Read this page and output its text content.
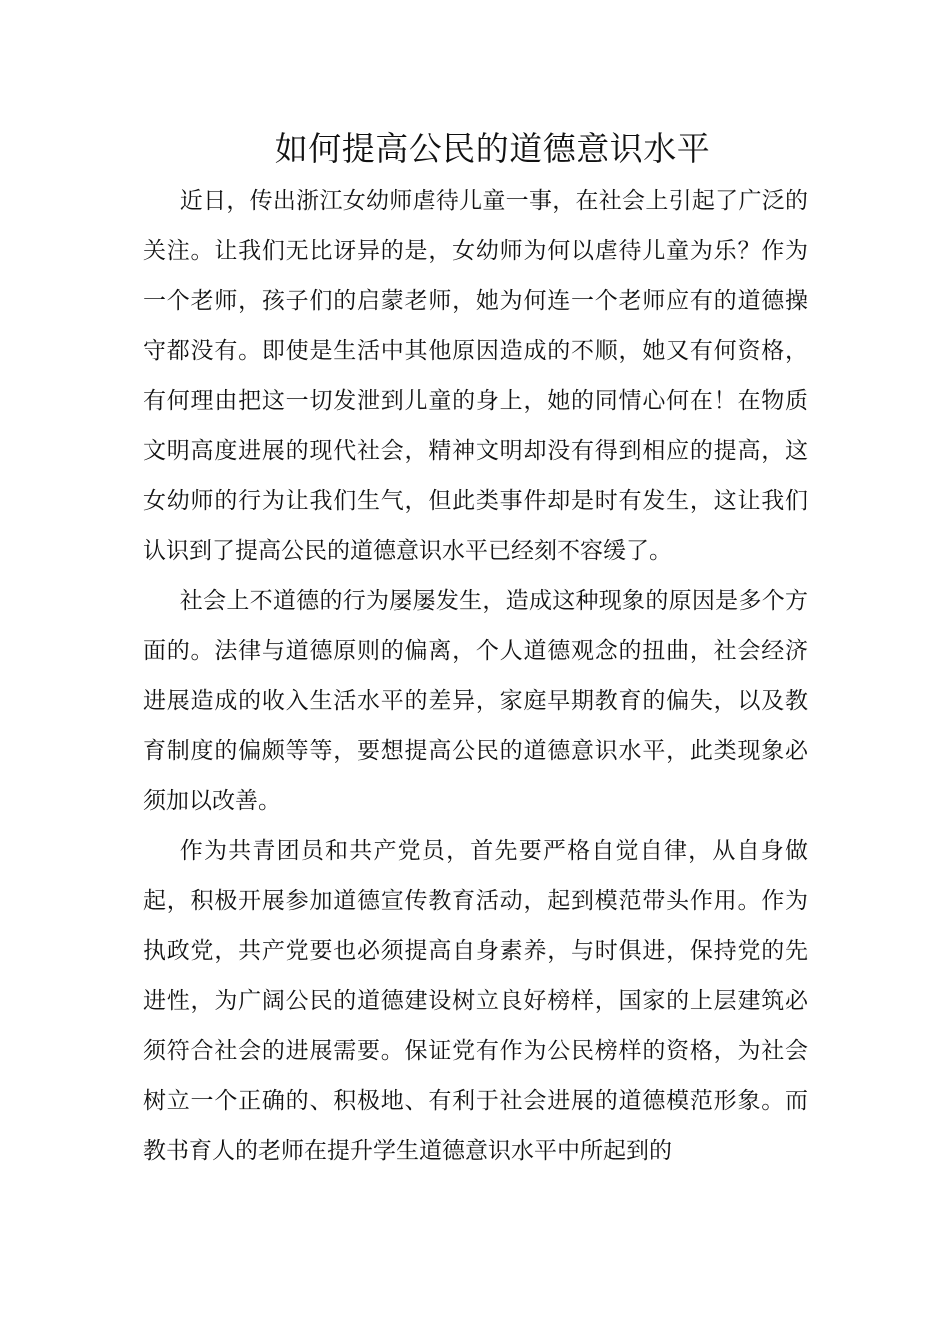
如何提高公民的道德意识水平

近日，传出浙江女幼师虐待儿童一事，在社会上引起了广泛的关注。让我们无比讶异的是，女幼师为何以虐待儿童为乐？作为一个老师，孩子们的启蒙老师，她为何连一个老师应有的道德操守都没有。即使是生活中其他原因造成的不顺，她又有何资格，有何理由把这一切发泄到儿童的身上，她的同情心何在！在物质文明高度进展的现代社会，精神文明却没有得到相应的提高，这女幼师的行为让我们生气，但此类事件却是时有发生，这让我们认识到了提高公民的道德意识水平已经刻不容缓了。

社会上不道德的行为屡屡发生，造成这种现象的原因是多个方面的。法律与道德原则的偏离，个人道德观念的扭曲，社会经济进展造成的收入生活水平的差异，家庭早期教育的偏失，以及教育制度的偏颇等等，要想提高公民的道德意识水平，此类现象必须加以改善。

作为共青团员和共产党员，首先要严格自觉自律，从自身做起，积极开展参加道德宣传教育活动，起到模范带头作用。作为执政党，共产党要也必须提高自身素养，与时俱进，保持党的先进性，为广阔公民的道德建设树立良好榜样，国家的上层建筑必须符合社会的进展需要。保证党有作为公民榜样的资格，为社会树立一个正确的、积极地、有利于社会进展的道德模范形象。而教书育人的老师在提升学生道德意识水平中所起到的
